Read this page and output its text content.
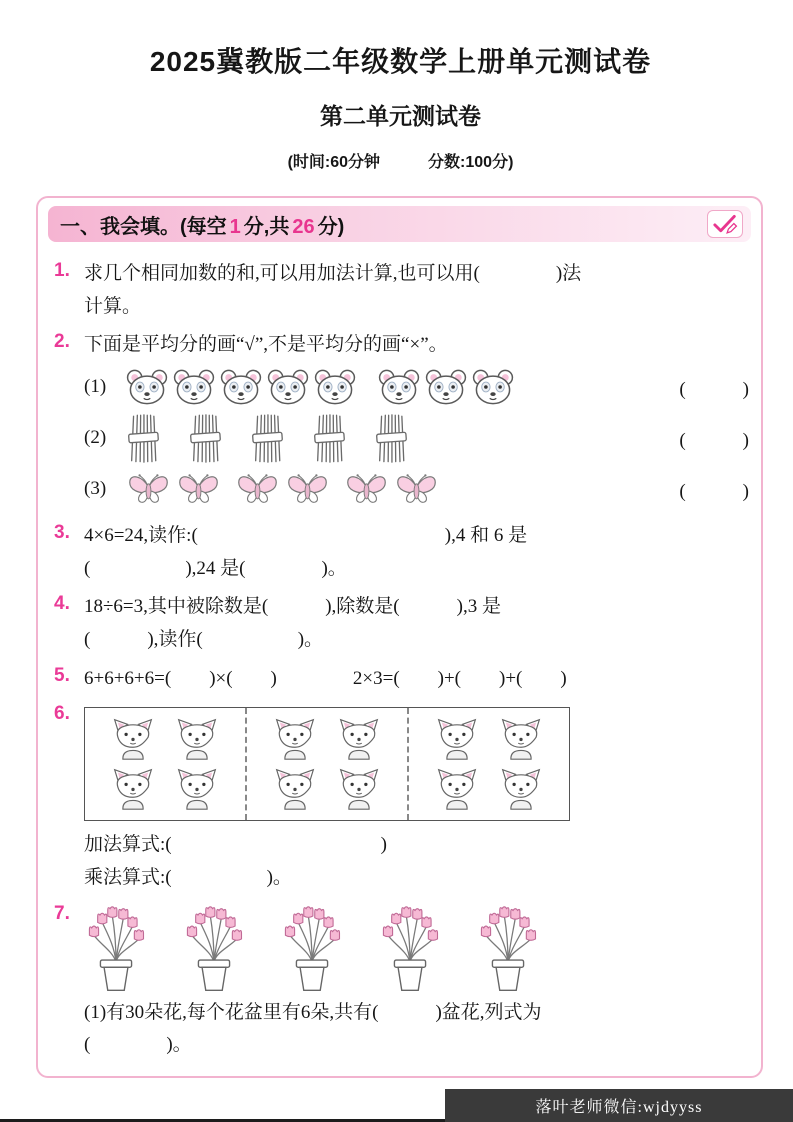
2025冀教版二年级数学上册单元测试卷
第二单元测试卷
(时间:60分钟　　　分数:100分)
一、我会填。(每空 1 分,共 26 分)
1. 求几个相同加数的和,可以用加法计算,也可以用(　　　　)法
计算。
2. 下面是平均分的画“√”,不是平均分的画“×”。
(1)	(　　　)
(2)	(　　　)
(3)	(　　　)
3. 4×6=24,读作:(　　　　　　　　　　　　　),4 和 6 是
(　　　　　),24 是(　　　　)。
4. 18÷6=3,其中被除数是(　　　),除数是(　　　),3 是
(　　　),读作(　　　　　)。
5. 6+6+6+6=(　　)×(　　)　　　　2×3=(　　)+(　　)+(　　)
6.
加法算式:(　　　　　　　　　　　)
乘法算式:(　　　　　)。
7.
(1)有30朵花,每个花盆里有6朵,共有(　　　)盆花,列式为
(　　　　)。
落叶老师微信:wjdyyss
